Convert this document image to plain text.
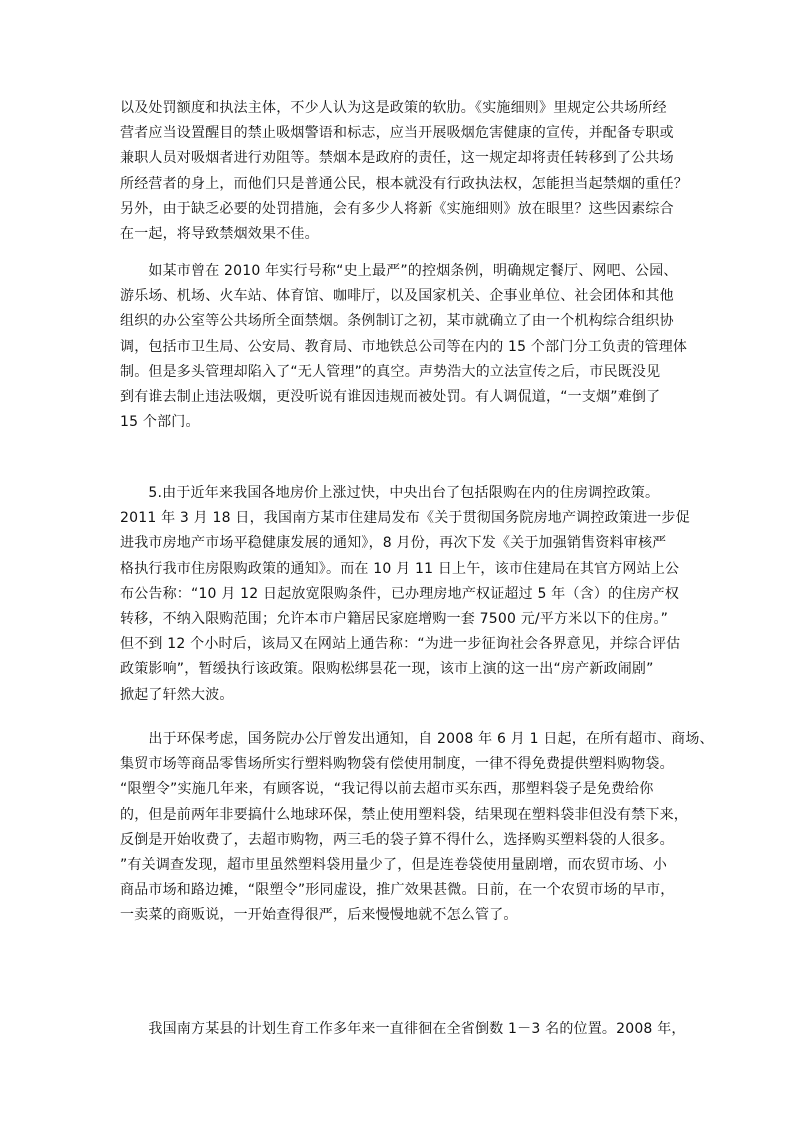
以及处罚额度和执法主体，不少人认为这是政策的软肋。《实施细则》里规定公共场所经
营者应当设置醒目的禁止吸烟警语和标志，应当开展吸烟危害健康的宣传，并配备专职或
兼职人员对吸烟者进行劝阻等。禁烟本是政府的责任，这一规定却将责任转移到了公共场
所经营者的身上，而他们只是普通公民，根本就没有行政执法权，怎能担当起禁烟的重任？
另外，由于缺乏必要的处罚措施，会有多少人将新《实施细则》放在眼里？这些因素综合
在一起，将导致禁烟效果不佳。
　　如某市曾在 2010 年实行号称“史上最严”的控烟条例，明确规定餐厅、网吧、公园、
游乐场、机场、火车站、体育馆、咖啡厅，以及国家机关、企事业单位、社会团体和其他
组织的办公室等公共场所全面禁烟。条例制订之初，某市就确立了由一个机构综合组织协
调，包括市卫生局、公安局、教育局、市地铁总公司等在内的 15 个部门分工负责的管理体
制。但是多头管理却陷入了“无人管理”的真空。声势浩大的立法宣传之后，市民既没见
到有谁去制止违法吸烟，更没听说有谁因违规而被处罚。有人调侃道，“一支烟”难倒了
15 个部门。
　　5.由于近年来我国各地房价上涨过快，中央出台了包括限购在内的住房调控政策。
2011 年 3 月 18 日，我国南方某市住建局发布《关于贯彻国务院房地产调控政策进一步促
进我市房地产市场平稳健康发展的通知》，8 月份，再次下发《关于加强销售资料审核严
格执行我市住房限购政策的通知》。而在 10 月 11 日上午，该市住建局在其官方网站上公
布公告称：“10 月 12 日起放宽限购条件，已办理房地产权证超过 5 年（含）的住房产权
转移，不纳入限购范围；允许本市户籍居民家庭增购一套 7500 元/平方米以下的住房。”
但不到 12 个小时后，该局又在网站上通告称：“为进一步征询社会各界意见，并综合评估
政策影响”，暂缓执行该政策。限购松绑昙花一现，该市上演的这一出“房产新政闹剧”
掀起了轩然大波。
　　出于环保考虑，国务院办公厅曾发出通知，自 2008 年 6 月 1 日起，在所有超市、商场、
集贸市场等商品零售场所实行塑料购物袋有偿使用制度，一律不得免费提供塑料购物袋。
“限塑令”实施几年来，有顾客说，“我记得以前去超市买东西，那塑料袋子是免费给你
的，但是前两年非要搞什么地球环保，禁止使用塑料袋，结果现在塑料袋非但没有禁下来，
反倒是开始收费了，去超市购物，两三毛的袋子算不得什么，选择购买塑料袋的人很多。
”有关调查发现，超市里虽然塑料袋用量少了，但是连卷袋使用量剧增，而农贸市场、小
商品市场和路边摊，“限塑令”形同虚设，推广效果甚微。日前，在一个农贸市场的早市，
一卖菜的商贩说，一开始查得很严，后来慢慢地就不怎么管了。
　　我国南方某县的计划生育工作多年来一直徘徊在全省倒数 1－3 名的位置。2008 年，
